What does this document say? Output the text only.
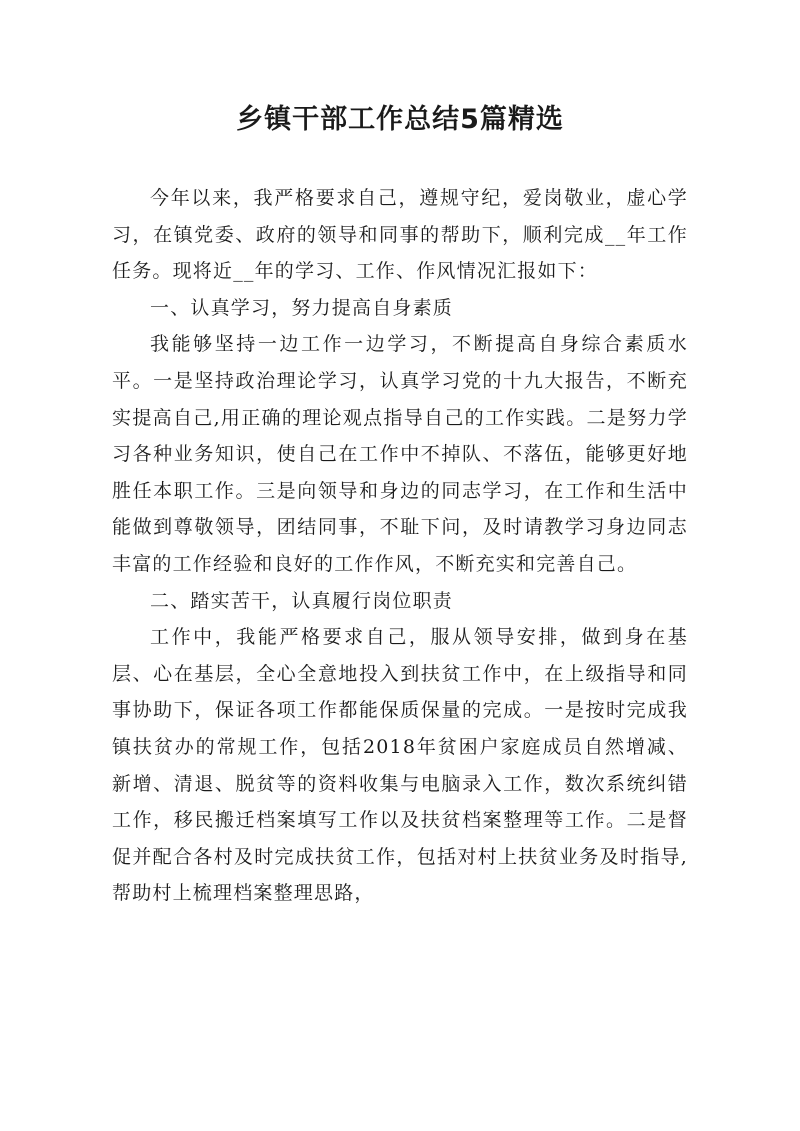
乡镇干部工作总结5篇精选

今年以来，我严格要求自己，遵规守纪，爱岗敬业，虚心学习，在镇党委、政府的领导和同事的帮助下，顺利完成__年工作任务。现将近__年的学习、工作、作风情况汇报如下：

一、认真学习，努力提高自身素质

我能够坚持一边工作一边学习，不断提高自身综合素质水平。一是坚持政治理论学习，认真学习党的十九大报告，不断充实提高自己,用正确的理论观点指导自己的工作实践。二是努力学习各种业务知识，使自己在工作中不掉队、不落伍，能够更好地胜任本职工作。三是向领导和身边的同志学习，在工作和生活中能做到尊敬领导，团结同事，不耻下问，及时请教学习身边同志丰富的工作经验和良好的工作作风，不断充实和完善自己。

二、踏实苦干，认真履行岗位职责

工作中，我能严格要求自己，服从领导安排，做到身在基层、心在基层，全心全意地投入到扶贫工作中，在上级指导和同事协助下，保证各项工作都能保质保量的完成。一是按时完成我镇扶贫办的常规工作，包括2018年贫困户家庭成员自然增减、新增、清退、脱贫等的资料收集与电脑录入工作，数次系统纠错工作，移民搬迁档案填写工作以及扶贫档案整理等工作。二是督促并配合各村及时完成扶贫工作，包括对村上扶贫业务及时指导,帮助村上梳理档案整理思路，
